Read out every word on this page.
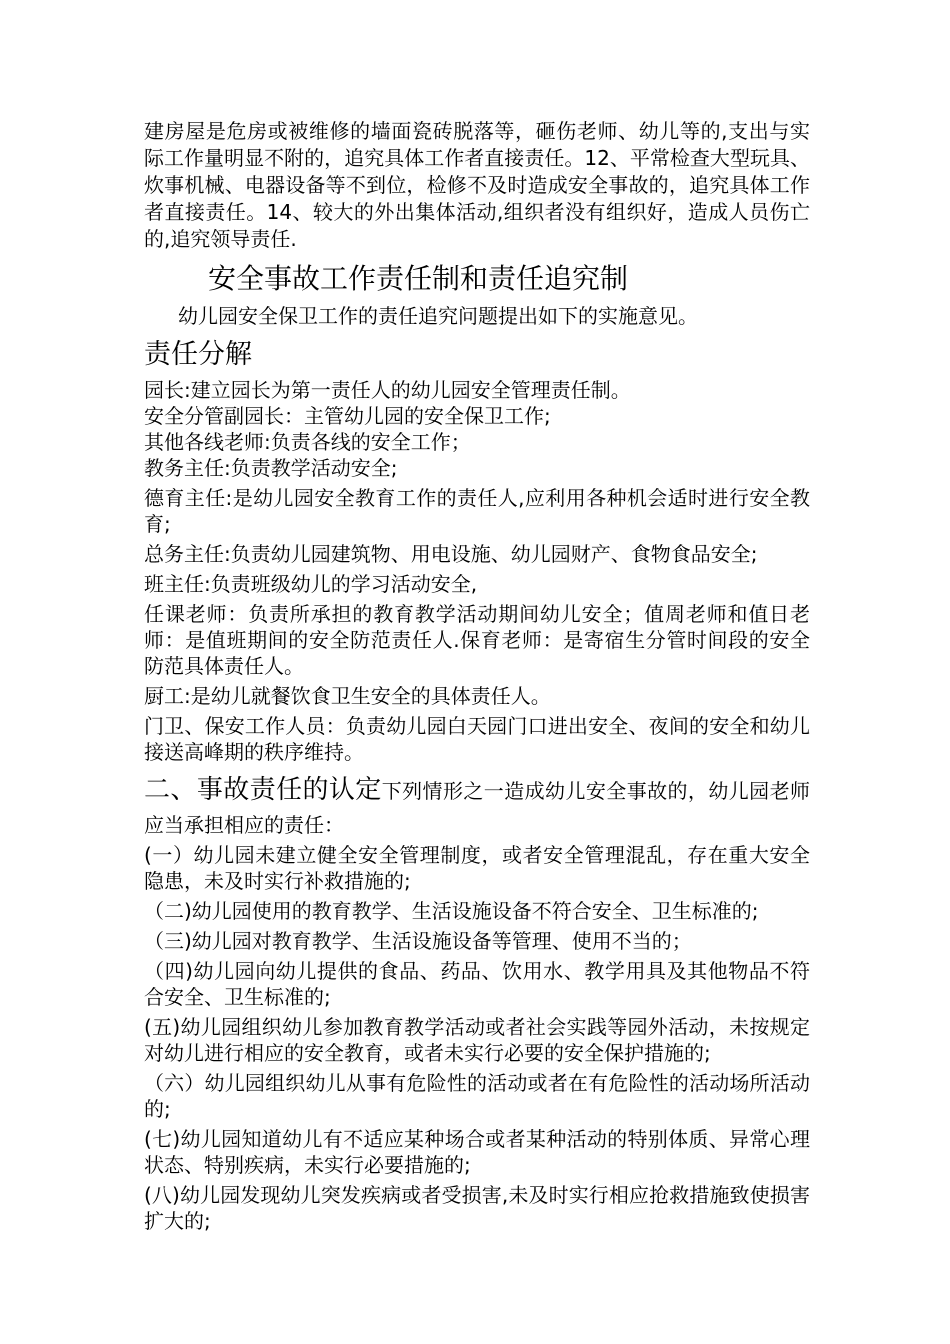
建房屋是危房或被维修的墙面瓷砖脱落等，砸伤老师、幼儿等的,支出与实际工作量明显不附的，追究具体工作者直接责任。12、平常检查大型玩具、炊事机械、电器设备等不到位，检修不及时造成安全事故的，追究具体工作者直接责任。14、较大的外出集体活动,组织者没有组织好，造成人员伤亡的,追究领导责任.

安全事故工作责任制和责任追究制
幼儿园安全保卫工作的责任追究问题提出如下的实施意见。
责任分解

园长:建立园长为第一责任人的幼儿园安全管理责任制。

安全分管副园长：主管幼儿园的安全保卫工作;

其他各线老师:负责各线的安全工作；

教务主任:负责教学活动安全;

德育主任:是幼儿园安全教育工作的责任人,应利用各种机会适时进行安全教育;

总务主任:负责幼儿园建筑物、用电设施、幼儿园财产、食物食品安全;

班主任:负责班级幼儿的学习活动安全,

任课老师：负责所承担的教育教学活动期间幼儿安全；值周老师和值日老师：是值班期间的安全防范责任人.保育老师：是寄宿生分管时间段的安全防范具体责任人。

厨工:是幼儿就餐饮食卫生安全的具体责任人。

门卫、保安工作人员：负责幼儿园白天园门口进出安全、夜间的安全和幼儿接送高峰期的秩序维持。

二、事故责任的认定下列情形之一造成幼儿安全事故的，幼儿园老师应当承担相应的责任：

(一）幼儿园未建立健全安全管理制度，或者安全管理混乱，存在重大安全隐患，未及时实行补救措施的;

（二)幼儿园使用的教育教学、生活设施设备不符合安全、卫生标准的;

（三)幼儿园对教育教学、生活设施设备等管理、使用不当的；

（四)幼儿园向幼儿提供的食品、药品、饮用水、教学用具及其他物品不符合安全、卫生标准的;

(五)幼儿园组织幼儿参加教育教学活动或者社会实践等园外活动，未按规定对幼儿进行相应的安全教育，或者未实行必要的安全保护措施的;

（六）幼儿园组织幼儿从事有危险性的活动或者在有危险性的活动场所活动的;

(七)幼儿园知道幼儿有不适应某种场合或者某种活动的特别体质、异常心理状态、特别疾病，未实行必要措施的;

(八)幼儿园发现幼儿突发疾病或者受损害,未及时实行相应抢救措施致使损害扩大的;
